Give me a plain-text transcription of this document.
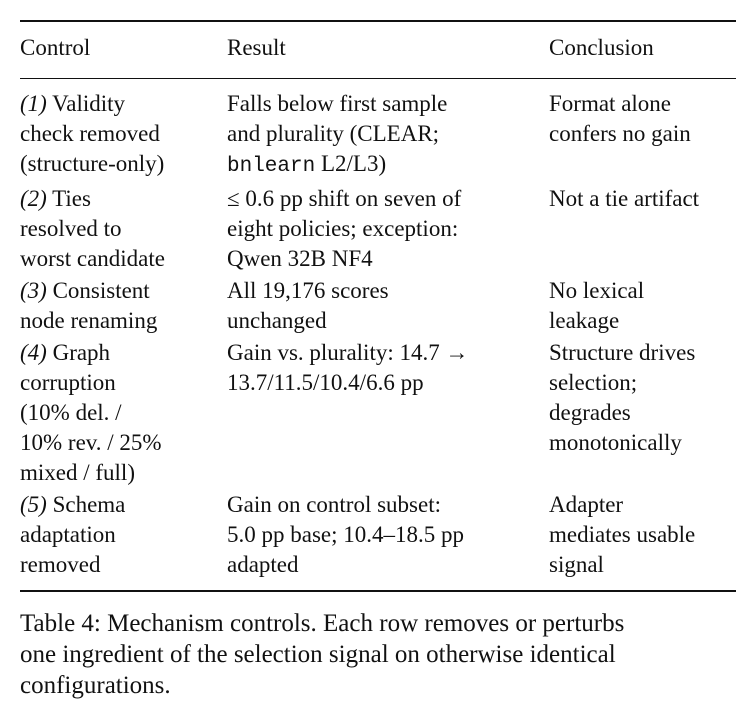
Control	Result	Conclusion
(1) Validity
check removed
(structure-only)
Falls below first sample
and plurality (CLEAR;
bnlearn L2/L3)
Format alone
confers no gain
(2) Ties
resolved to
worst candidate
≤ 0.6 pp shift on seven of
eight policies; exception:
Qwen 32B NF4
Not a tie artifact
(3) Consistent
node renaming
All 19,176 scores
unchanged
No lexical
leakage
(4) Graph
corruption
(10% del. /
10% rev. / 25%
mixed / full)
Gain vs. plurality: 14.7 →
13.7/11.5/10.4/6.6 pp
Structure drives
selection;
degrades
monotonically
(5) Schema
adaptation
removed
Gain on control subset:
5.0 pp base; 10.4–18.5 pp
adapted
Adapter
mediates usable
signal
Table 4: Mechanism controls. Each row removes or perturbs
one ingredient of the selection signal on otherwise identical
configurations.
